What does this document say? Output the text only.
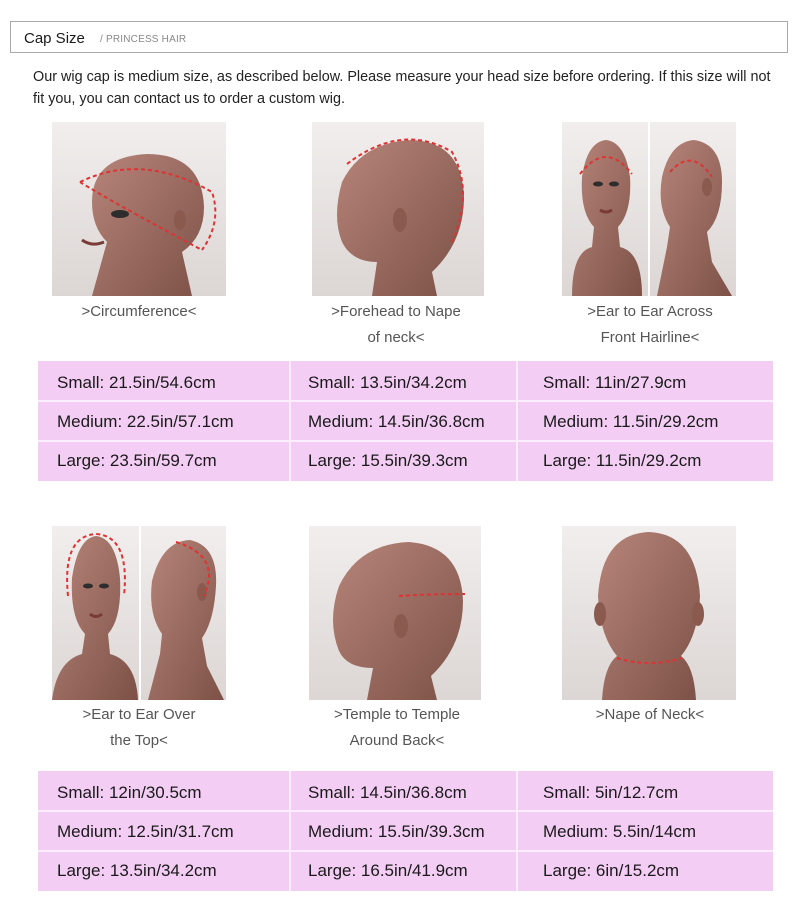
Cap Size / PRINCESS HAIR
Our wig cap is medium size, as described below. Please measure your head size before ordering. If this size will not fit you, you can contact us to order a custom wig.
>Circumference<	>Forehead to Nape
of neck<
>Ear to Ear Across
Front Hairline<
Small: 21.5in/54.6cm
Medium: 22.5in/57.1cm
Large: 23.5in/59.7cm
Small: 13.5in/34.2cm
Medium: 14.5in/36.8cm
Large: 15.5in/39.3cm
Small: 11in/27.9cm
Medium: 11.5in/29.2cm
Large: 11.5in/29.2cm
>Ear to Ear Over
the Top<
>Temple to Temple
Around Back<
>Nape of Neck<
Small: 12in/30.5cm
Medium: 12.5in/31.7cm
Large: 13.5in/34.2cm
Small: 14.5in/36.8cm
Medium: 15.5in/39.3cm
Large: 16.5in/41.9cm
Small: 5in/12.7cm
Medium: 5.5in/14cm
Large: 6in/15.2cm
